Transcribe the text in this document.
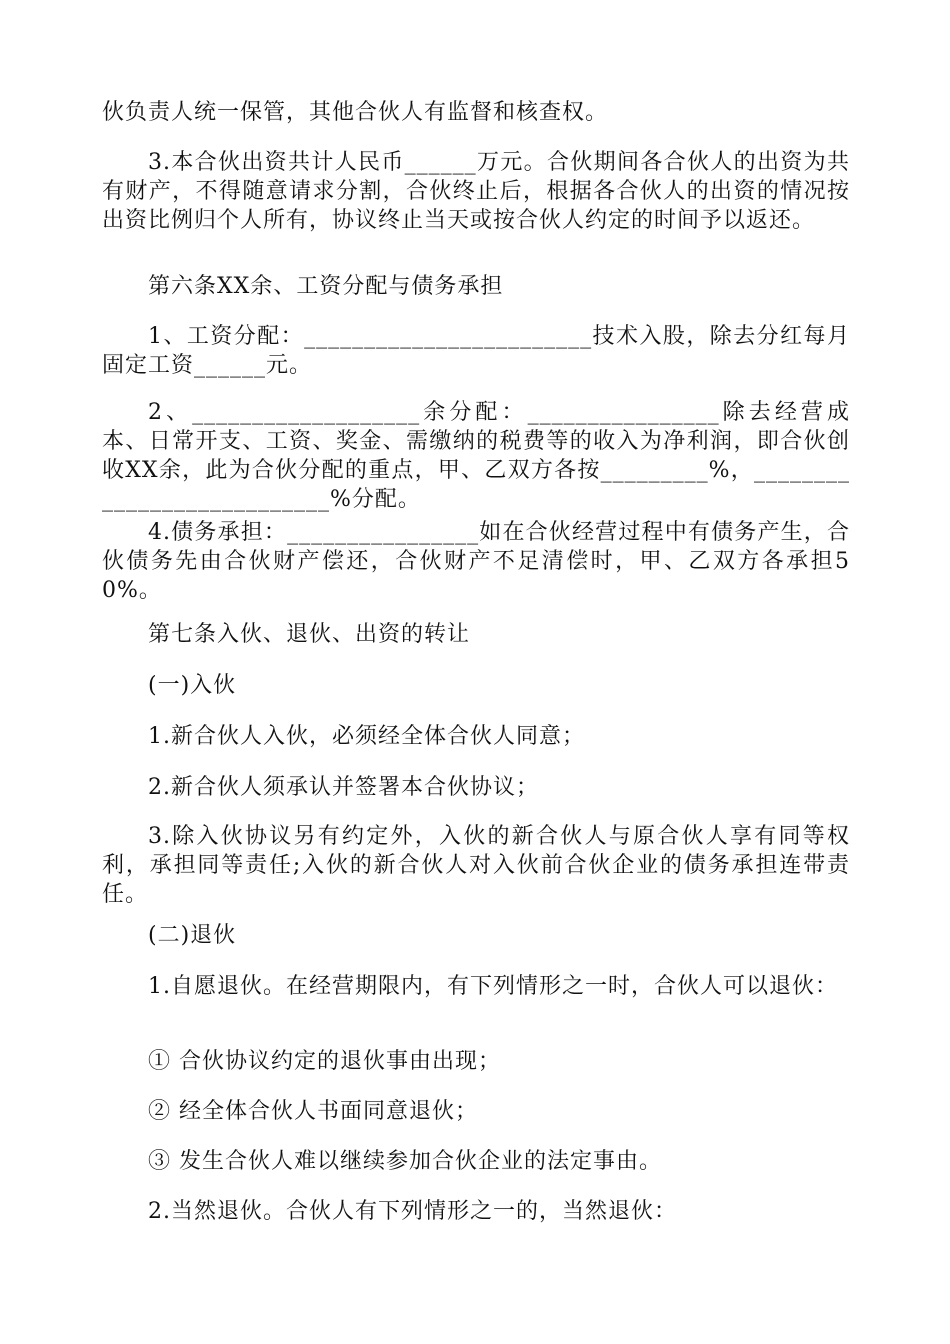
伙负责人统一保管，其他合伙人有监督和核查权。

3.本合伙出资共计人民币______万元。合伙期间各合伙人的出资为共有财产，不得随意请求分割，合伙终止后，根据各合伙人的出资的情况按出资比例归个人所有，协议终止当天或按合伙人约定的时间予以返还。

第六条XX余、工资分配与债务承担

1、工资分配：________________________技术入股，除去分红每月固定工资______元。

2、___________________余分配：________________除去经营成本、日常开支、工资、奖金、需缴纳的税费等的收入为净利润，即合伙创收XX余，此为合伙分配的重点，甲、乙双方各按_________%，___________________________%分配。

4.债务承担：________________如在合伙经营过程中有债务产生，合伙债务先由合伙财产偿还，合伙财产不足清偿时，甲、乙双方各承担50%。

第七条入伙、退伙、出资的转让

(一)入伙

1.新合伙人入伙，必须经全体合伙人同意；

2.新合伙人须承认并签署本合伙协议；

3.除入伙协议另有约定外，入伙的新合伙人与原合伙人享有同等权利，承担同等责任;入伙的新合伙人对入伙前合伙企业的债务承担连带责任。

(二)退伙

1.自愿退伙。在经营期限内，有下列情形之一时，合伙人可以退伙：

① 合伙协议约定的退伙事由出现；

② 经全体合伙人书面同意退伙；

③ 发生合伙人难以继续参加合伙企业的法定事由。

2.当然退伙。合伙人有下列情形之一的，当然退伙：
